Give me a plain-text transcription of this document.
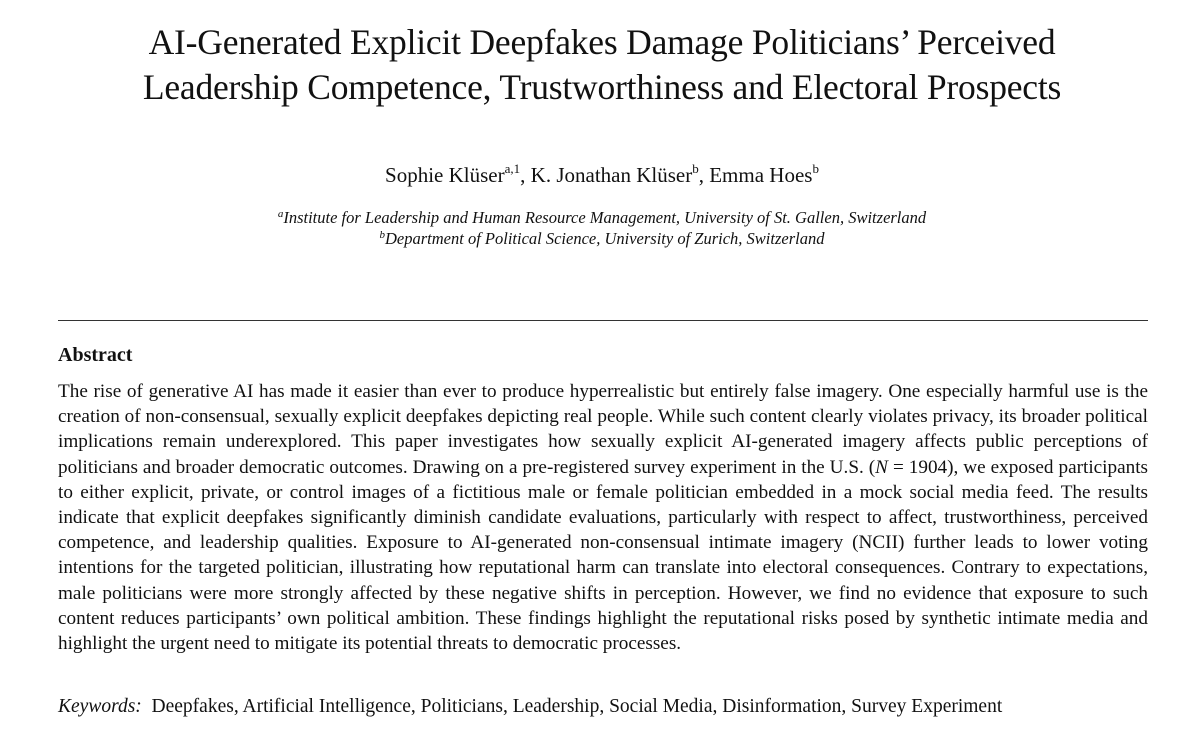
AI-Generated Explicit Deepfakes Damage Politicians’ Perceived
Leadership Competence, Trustworthiness and Electoral Prospects
Sophie Klüser$^{a,1}$, K. Jonathan Klüser$^b$, Emma Hoes$^b$
$^a$Institute for Leadership and Human Resource Management, University of St. Gallen, Switzerland
$^b$Department of Political Science, University of Zurich, Switzerland
Abstract

The rise of generative AI has made it easier than ever to produce hyperrealistic but entirely false imagery. One especially harmful use is the creation of non-consensual, sexually explicit deepfakes depicting real people. While such content clearly violates privacy, its broader political implications remain underexplored. This paper investigates how sexually explicit AI-generated imagery affects public perceptions of politicians and broader democratic outcomes. Drawing on a pre-registered survey experiment in the U.S. (N = 1904), we exposed participants to either explicit, private, or control images of a fictitious male or female politician embedded in a mock social media feed. The results indicate that explicit deepfakes significantly diminish candidate evaluations, particularly with respect to affect, trustworthiness, perceived competence, and leadership qualities. Exposure to AI-generated non-consensual intimate imagery (NCII) further leads to lower voting intentions for the targeted politician, illustrating how reputational harm can translate into electoral consequences. Contrary to expectations, male politicians were more strongly affected by these negative shifts in perception. However, we find no evidence that exposure to such content reduces participants’ own political ambition. These findings highlight the reputational risks posed by synthetic intimate media and highlight the urgent need to mitigate its potential threats to democratic processes.

Keywords: Deepfakes, Artificial Intelligence, Politicians, Leadership, Social Media, Disinformation, Survey Experiment
